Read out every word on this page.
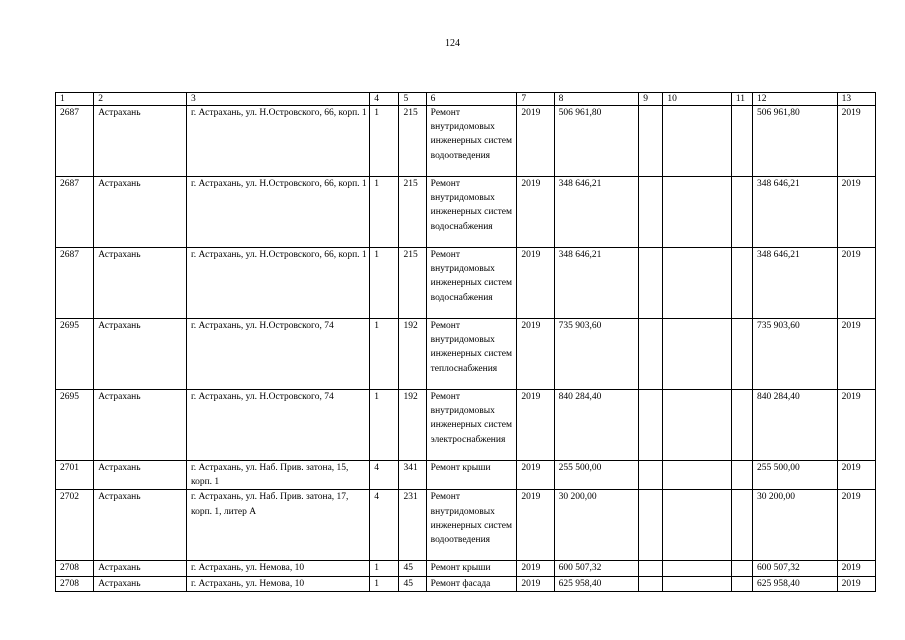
124
1	2	3	4	5	6	7	8	9	10	11	12	13
2687	Астрахань	г. Астрахань, ул. Н.Островского, 66, корп. 1	1	215	Ремонт внутридомовых инженерных систем водоотведения	2019	506 961,80				506 961,80	2019
2687	Астрахань	г. Астрахань, ул. Н.Островского, 66, корп. 1	1	215	Ремонт внутридомовых инженерных систем водоснабжения	2019	348 646,21				348 646,21	2019
2687	Астрахань	г. Астрахань, ул. Н.Островского, 66, корп. 1	1	215	Ремонт внутридомовых инженерных систем водоснабжения	2019	348 646,21				348 646,21	2019
2695	Астрахань	г. Астрахань, ул. Н.Островского, 74	1	192	Ремонт внутридомовых инженерных систем теплоснабжения	2019	735 903,60				735 903,60	2019
2695	Астрахань	г. Астрахань, ул. Н.Островского, 74	1	192	Ремонт внутридомовых инженерных систем электроснабжения	2019	840 284,40				840 284,40	2019
2701	Астрахань	г. Астрахань, ул. Наб. Прив. затона, 15, корп. 1	4	341	Ремонт крыши	2019	255 500,00				255 500,00	2019
2702	Астрахань	г. Астрахань, ул. Наб. Прив. затона, 17, корп. 1, литер А	4	231	Ремонт внутридомовых инженерных систем водоотведения	2019	30 200,00				30 200,00	2019
2708	Астрахань	г. Астрахань, ул. Немова, 10	1	45	Ремонт крыши	2019	600 507,32				600 507,32	2019
2708	Астрахань	г. Астрахань, ул. Немова, 10	1	45	Ремонт фасада	2019	625 958,40				625 958,40	2019
